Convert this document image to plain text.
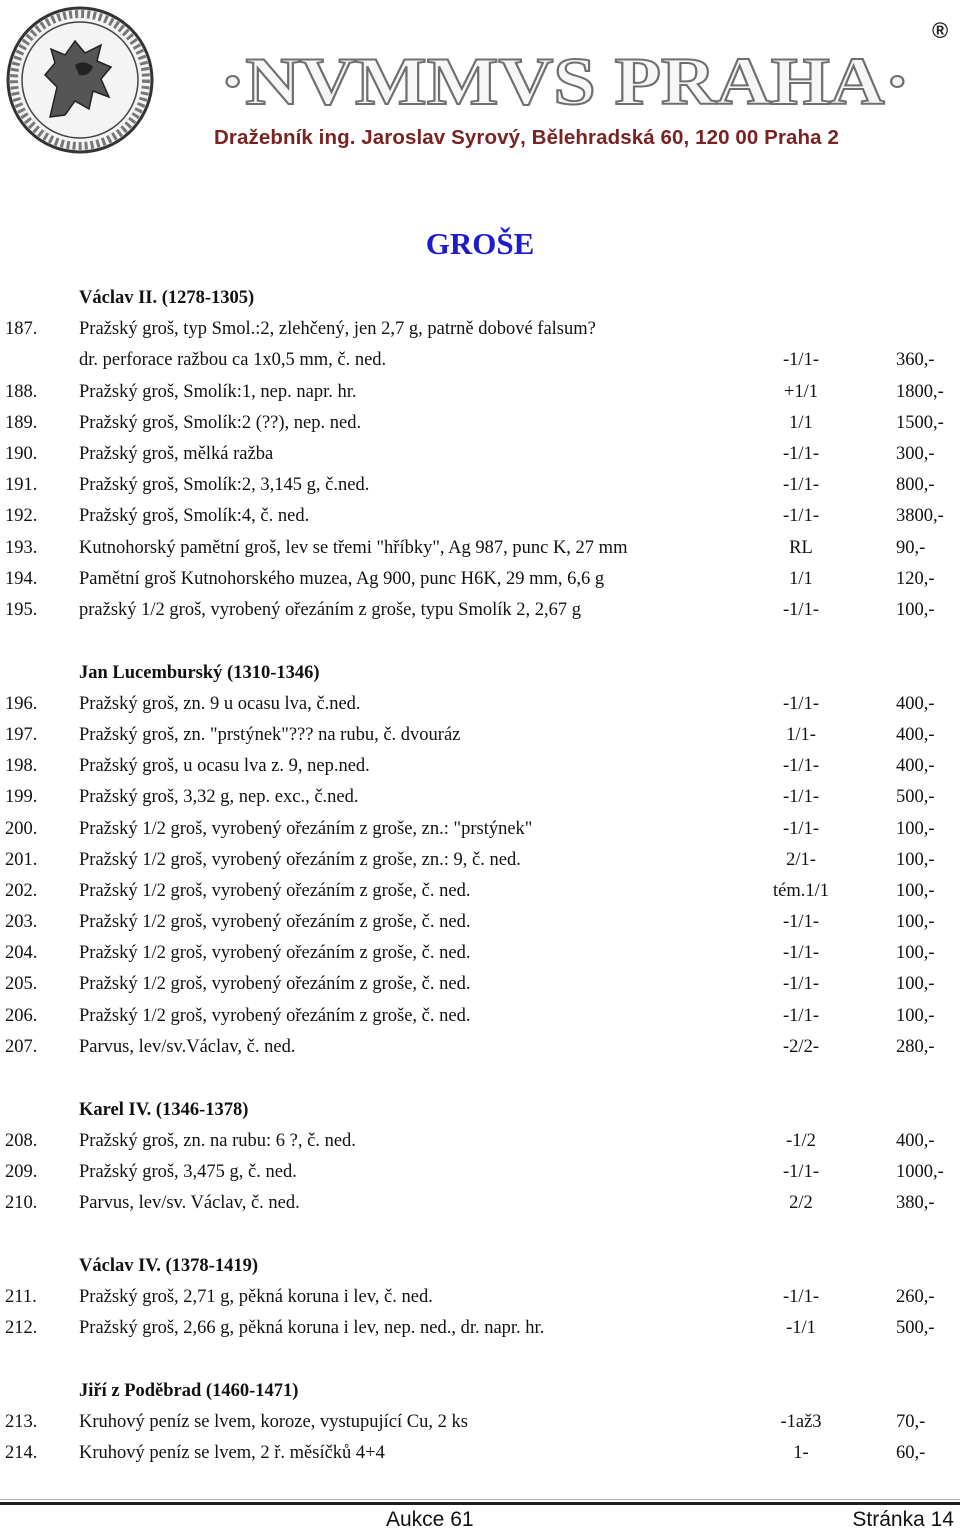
·NVMMVS PRAHA·
®
Dražebník ing. Jaroslav Syrový, Bělehradská 60, 120 00 Praha 2
GROŠE
Václav II. (1278-1305)
187. Pražský groš, typ Smol.:2, zlehčený, jen 2,7 g, patrně dobové falsum?
dr. perforace ražbou ca 1x0,5 mm, č. ned.	-1/1-	360,-
188. Pražský groš, Smolík:1, nep. napr. hr.	+1/1	1800,-
189. Pražský groš, Smolík:2 (??), nep. ned.	1/1	1500,-
190. Pražský groš, mělká ražba	-1/1-	300,-
191. Pražský groš, Smolík:2, 3,145 g, č.ned.	-1/1-	800,-
192. Pražský groš, Smolík:4, č. ned.	-1/1-	3800,-
193. Kutnohorský pamětní groš, lev se třemi "hříbky", Ag 987, punc K, 27 mm	RL	90,-
194. Pamětní groš Kutnohorského muzea, Ag 900, punc H6K, 29 mm, 6,6 g	1/1	120,-
195. pražský 1/2 groš, vyrobený ořezáním z groše, typu Smolík 2, 2,67 g	-1/1-	100,-
Jan Lucemburský (1310-1346)
196. Pražský groš, zn. 9 u ocasu lva, č.ned.	-1/1-	400,-
197. Pražský groš, zn. "prstýnek"??? na rubu, č. dvouráz	1/1-	400,-
198. Pražský groš, u ocasu lva z. 9, nep.ned.	-1/1-	400,-
199. Pražský groš, 3,32 g, nep. exc., č.ned.	-1/1-	500,-
200. Pražský 1/2 groš, vyrobený ořezáním z groše, zn.: "prstýnek"	-1/1-	100,-
201. Pražský 1/2 groš, vyrobený ořezáním z groše, zn.: 9, č. ned.	2/1-	100,-
202. Pražský 1/2 groš, vyrobený ořezáním z groše, č. ned.	tém.1/1	100,-
203. Pražský 1/2 groš, vyrobený ořezáním z groše, č. ned.	-1/1-	100,-
204. Pražský 1/2 groš, vyrobený ořezáním z groše, č. ned.	-1/1-	100,-
205. Pražský 1/2 groš, vyrobený ořezáním z groše, č. ned.	-1/1-	100,-
206. Pražský 1/2 groš, vyrobený ořezáním z groše, č. ned.	-1/1-	100,-
207. Parvus, lev/sv.Václav, č. ned.	-2/2-	280,-
Karel IV. (1346-1378)
208. Pražský groš, zn. na rubu: 6 ?, č. ned.	-1/2	400,-
209. Pražský groš, 3,475 g, č. ned.	-1/1-	1000,-
210. Parvus, lev/sv. Václav, č. ned.	2/2	380,-
Václav IV. (1378-1419)
211. Pražský groš, 2,71 g, pěkná koruna i lev, č. ned.	-1/1-	260,-
212. Pražský groš, 2,66 g, pěkná koruna i lev, nep. ned., dr. napr. hr.	-1/1	500,-
Jiří z Poděbrad (1460-1471)
213. Kruhový peníz se lvem, koroze, vystupující Cu, 2 ks	-1až3	70,-
214. Kruhový peníz se lvem, 2 ř. měsíčků 4+4	1-	60,-
Aukce 61	Stránka 14
